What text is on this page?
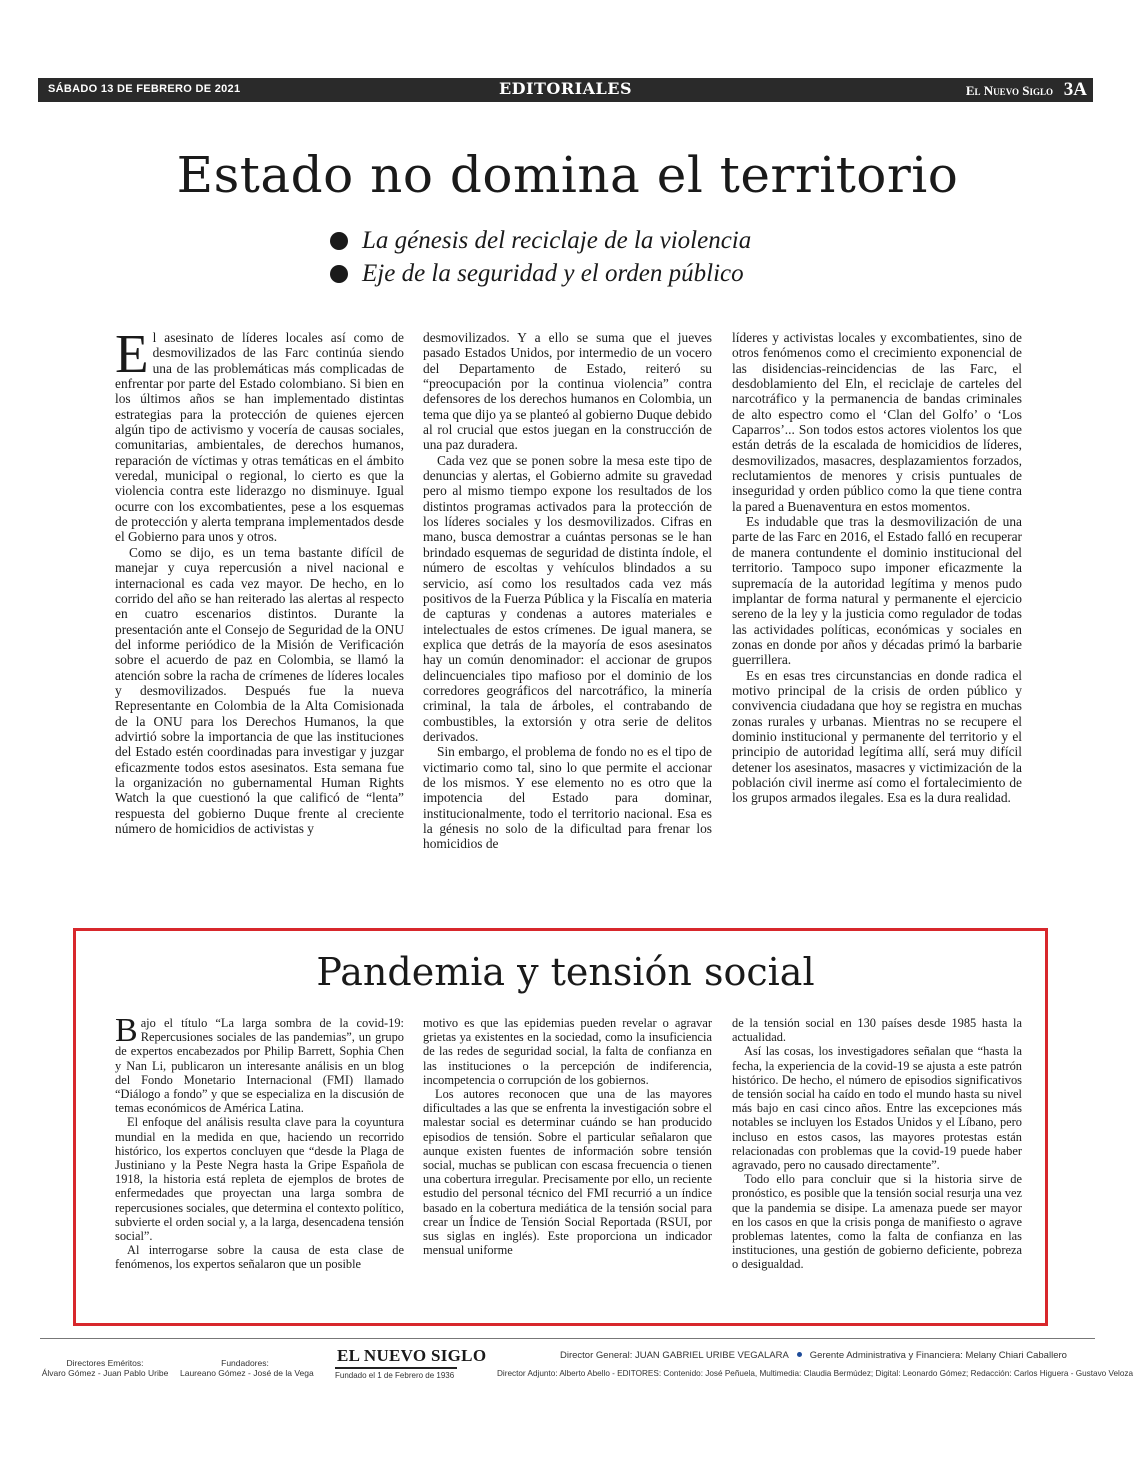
SÁBADO 13 DE FEBRERO DE 2021	EDITORIALES	El Nuevo Siglo 3A
Estado no domina el territorio
La génesis del reciclaje de la violencia
Eje de la seguridad y el orden público

El asesinato de líderes locales así como de desmovilizados de las Farc continúa siendo una de las problemáticas más complicadas de enfrentar por parte del Estado colombiano. Si bien en los últimos años se han implementado distintas estrategias para la protección de quienes ejercen algún tipo de activismo y vocería de causas sociales, comunitarias, ambientales, de derechos humanos, reparación de víctimas y otras temáticas en el ámbito veredal, municipal o regional, lo cierto es que la violencia contra este liderazgo no disminuye. Igual ocurre con los excombatientes, pese a los esquemas de protección y alerta temprana implementados desde el Gobierno para unos y otros.

Como se dijo, es un tema bastante difícil de manejar y cuya repercusión a nivel nacional e internacional es cada vez mayor. De hecho, en lo corrido del año se han reiterado las alertas al respecto en cuatro escenarios distintos. Durante la presentación ante el Consejo de Seguridad de la ONU del informe periódico de la Misión de Verificación sobre el acuerdo de paz en Colombia, se llamó la atención sobre la racha de crímenes de líderes locales y desmovilizados. Después fue la nueva Representante en Colombia de la Alta Comisionada de la ONU para los Derechos Humanos, la que advirtió sobre la importancia de que las instituciones del Estado estén coordinadas para investigar y juzgar eficazmente todos estos asesinatos. Esta semana fue la organización no gubernamental Human Rights Watch la que cuestionó la que calificó de “lenta” respuesta del gobierno Duque frente al creciente número de homicidios de activistas y

desmovilizados. Y a ello se suma que el jueves pasado Estados Unidos, por intermedio de un vocero del Departamento de Estado, reiteró su “preocupación por la continua violencia” contra defensores de los derechos humanos en Colombia, un tema que dijo ya se planteó al gobierno Duque debido al rol crucial que estos juegan en la construcción de una paz duradera.

Cada vez que se ponen sobre la mesa este tipo de denuncias y alertas, el Gobierno admite su gravedad pero al mismo tiempo expone los resultados de los distintos programas activados para la protección de los líderes sociales y los desmovilizados. Cifras en mano, busca demostrar a cuántas personas se le han brindado esquemas de seguridad de distinta índole, el número de escoltas y vehículos blindados a su servicio, así como los resultados cada vez más positivos de la Fuerza Pública y la Fiscalía en materia de capturas y condenas a autores materiales e intelectuales de estos crímenes. De igual manera, se explica que detrás de la mayoría de esos asesinatos hay un común denominador: el accionar de grupos delincuenciales tipo mafioso por el dominio de los corredores geográficos del narcotráfico, la minería criminal, la tala de árboles, el contrabando de combustibles, la extorsión y otra serie de delitos derivados.

Sin embargo, el problema de fondo no es el tipo de victimario como tal, sino lo que permite el accionar de los mismos. Y ese elemento no es otro que la impotencia del Estado para dominar, institucionalmente, todo el territorio nacional. Esa es la génesis no solo de la dificultad para frenar los homicidios de

líderes y activistas locales y excombatientes, sino de otros fenómenos como el crecimiento exponencial de las disidencias-reincidencias de las Farc, el desdoblamiento del Eln, el reciclaje de carteles del narcotráfico y la permanencia de bandas criminales de alto espectro como el ‘Clan del Golfo’ o ‘Los Caparros’... Son todos estos actores violentos los que están detrás de la escalada de homicidios de líderes, desmovilizados, masacres, desplazamientos forzados, reclutamientos de menores y crisis puntuales de inseguridad y orden público como la que tiene contra la pared a Buenaventura en estos momentos.

Es indudable que tras la desmovilización de una parte de las Farc en 2016, el Estado falló en recuperar de manera contundente el dominio institucional del territorio. Tampoco supo imponer eficazmente la supremacía de la autoridad legítima y menos pudo implantar de forma natural y permanente el ejercicio sereno de la ley y la justicia como regulador de todas las actividades políticas, económicas y sociales en zonas en donde por años y décadas primó la barbarie guerrillera.

Es en esas tres circunstancias en donde radica el motivo principal de la crisis de orden público y convivencia ciudadana que hoy se registra en muchas zonas rurales y urbanas. Mientras no se recupere el dominio institucional y permanente del territorio y el principio de autoridad legítima allí, será muy difícil detener los asesinatos, masacres y victimización de la población civil inerme así como el fortalecimiento de los grupos armados ilegales. Esa es la dura realidad.

Pandemia y tensión social

Bajo el título “La larga sombra de la covid-19: Repercusiones sociales de las pandemias”, un grupo de expertos encabezados por Philip Barrett, Sophia Chen y Nan Li, publicaron un interesante análisis en un blog del Fondo Monetario Internacional (FMI) llamado “Diálogo a fondo” y que se especializa en la discusión de temas económicos de América Latina.

El enfoque del análisis resulta clave para la coyuntura mundial en la medida en que, haciendo un recorrido histórico, los expertos concluyen que “desde la Plaga de Justiniano y la Peste Negra hasta la Gripe Española de 1918, la historia está repleta de ejemplos de brotes de enfermedades que proyectan una larga sombra de repercusiones sociales, que determina el contexto político, subvierte el orden social y, a la larga, desencadena tensión social”.

Al interrogarse sobre la causa de esta clase de fenómenos, los expertos señalaron que un posible

motivo es que las epidemias pueden revelar o agravar grietas ya existentes en la sociedad, como la insuficiencia de las redes de seguridad social, la falta de confianza en las instituciones o la percepción de indiferencia, incompetencia o corrupción de los gobiernos.

Los autores reconocen que una de las mayores dificultades a las que se enfrenta la investigación sobre el malestar social es determinar cuándo se han producido episodios de tensión. Sobre el particular señalaron que aunque existen fuentes de información sobre tensión social, muchas se publican con escasa frecuencia o tienen una cobertura irregular. Precisamente por ello, un reciente estudio del personal técnico del FMI recurrió a un índice basado en la cobertura mediática de la tensión social para crear un Índice de Tensión Social Reportada (RSUI, por sus siglas en inglés). Este proporciona un indicador mensual uniforme

de la tensión social en 130 países desde 1985 hasta la actualidad.

Así las cosas, los investigadores señalan que “hasta la fecha, la experiencia de la covid-19 se ajusta a este patrón histórico. De hecho, el número de episodios significativos de tensión social ha caído en todo el mundo hasta su nivel más bajo en casi cinco años. Entre las excepciones más notables se incluyen los Estados Unidos y el Líbano, pero incluso en estos casos, las mayores protestas están relacionadas con problemas que la covid-19 puede haber agravado, pero no causado directamente”.

Todo ello para concluir que si la historia sirve de pronóstico, es posible que la tensión social resurja una vez que la pandemia se disipe. La amenaza puede ser mayor en los casos en que la crisis ponga de manifiesto o agrave problemas latentes, como la falta de confianza en las instituciones, una gestión de gobierno deficiente, pobreza o desigualdad.

Directores Eméritos:
Álvaro Gómez - Juan Pablo Uribe
Fundadores:
Laureano Gómez - José de la Vega
EL NUEVO SIGLO
Fundado el 1 de Febrero de 1936
Director General: JUAN GABRIEL URIBE VEGALARA Gerente Administrativa y Financiera: Melany Chiari Caballero
Director Adjunto: Alberto Abello - EDITORES: Contenido: José Peñuela, Multimedia: Claudia Bermúdez; Digital: Leonardo Gómez; Redacción: Carlos Higuera - Gustavo Veloza
